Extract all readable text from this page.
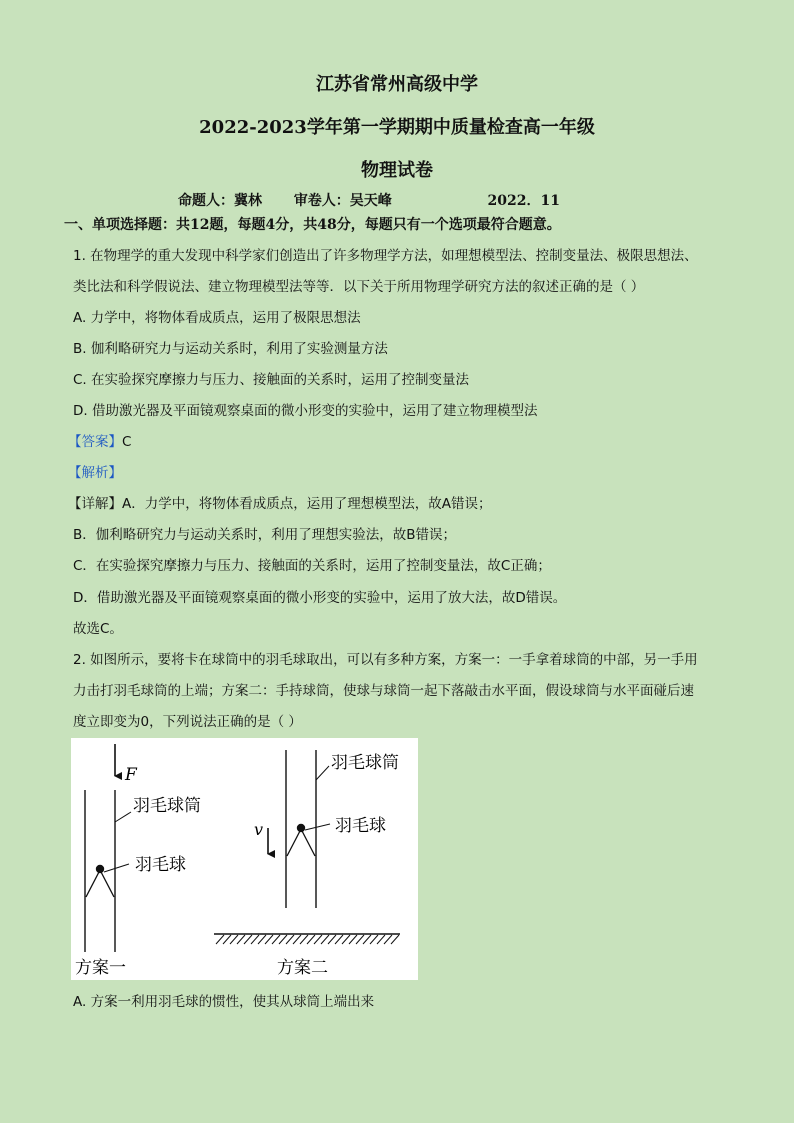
江苏省常州高级中学
2022-2023学年第一学期期中质量检查高一年级
物理试卷
命题人：冀林 审卷人：吴天峰	2022．11
一、单项选择题：共12题，每题4分，共48分，每题只有一个选项最符合题意。
1. 在物理学的重大发现中科学家们创造出了许多物理学方法，如理想模型法、控制变量法、极限思想法、
类比法和科学假说法、建立物理模型法等等．以下关于所用物理学研究方法的叙述正确的是（ ）
A. 力学中，将物体看成质点，运用了极限思想法
B. 伽利略研究力与运动关系时，利用了实验测量方法
C. 在实验探究摩擦力与压力、接触面的关系时，运用了控制变量法
D. 借助激光器及平面镜观察桌面的微小形变的实验中，运用了建立物理模型法
【答案】C
【解析】
【详解】A．力学中，将物体看成质点，运用了理想模型法，故A错误；
B．伽利略研究力与运动关系时，利用了理想实验法，故B错误；
C．在实验探究摩擦力与压力、接触面的关系时，运用了控制变量法，故C正确；
D．借助激光器及平面镜观察桌面的微小形变的实验中，运用了放大法，故D错误。
故选C。
2. 如图所示，要将卡在球筒中的羽毛球取出，可以有多种方案，方案一：一手拿着球筒的中部，另一手用
力击打羽毛球筒的上端；方案二：手持球筒，使球与球筒一起下落敲击水平面，假设球筒与水平面碰后速
度立即变为0，下列说法正确的是（ ）
F
羽毛球筒
羽毛球
方案一
羽毛球筒
羽毛球
v
方案二
A. 方案一利用羽毛球的惯性，使其从球筒上端出来
